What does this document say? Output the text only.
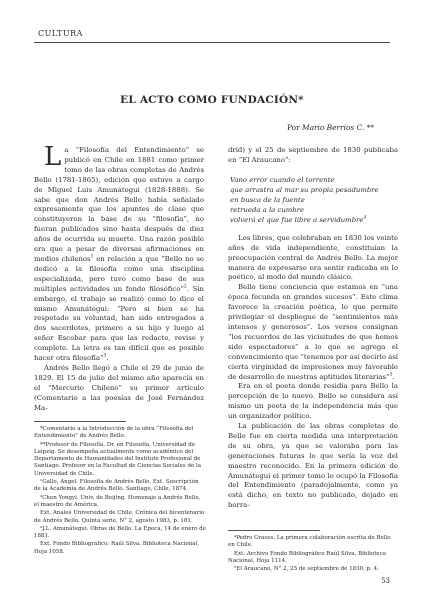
CULTURA
EL ACTO COMO FUNDACIÓN*
Por Mario Berrios C. **

La “Filosofía del Entendimiento” se publicó en Chile en 1881 como primer tomo de las obras completas de Andrés Bello (1781-1865), edición que estuvo a cargo de Miguel Luis Amunátegui (1828-1888). Se sabe que don Andrés Bello había señalado expresamente que los apuntes de clase que constituyeron la base de su “filosofía”, no fueran publicados sino hasta después de diez años de ocurrida su muerte. Una razón posible era que a pesar de diversas afirmaciones en medios chilenos$^1$ en relación a que “Bello no se dedicó a la filosofía como una disciplina especializada, pero tuvo como base de sus múltiples actividades un fondo filosófico”$^2$. Sin embargo, el trabajo se realizó como lo dice el mismo Amunátegui: “Pero si bien se ha respetado su voluntad, han sido entregados a dos sacerdotes, primero a su hijo y luego al señor Escobar para que las redacte, revise y complete. La letra es tan difícil que es posible hacer otra filosofía”$^3$.

Andrés Bello llegó a Chile el 29 de junio de 1829. El 15 de julio del mismo año aparecía en el “Mercurio Chileno” su primer artículo (Comentario a las poesías de José Fernández Ma-

drid) y el 25 de septiembre de 1830 publicaba en “El Araucano”:

Vano error cuando el torrente
que arrastra al mar su propia pesadumbre
en busca de la fuente
retrueda a la cumbre
volverá el que fue libre a servidumbre$^4$

Los libres, que celebraban en 1830 los veinte años de vida independiente, constituían la preocupación central de Andrés Bello. La mejor manera de expresarse era sentir radicaba en lo poético, al modo del mundo clásico.

Bello tiene conciencia que estamos en “una época fecunda en grandes sucesos”. Este clima favorece la creación poética, lo que permite privilegiar el despliegue de “sentimientos más intensos y generosos”. Los versos consignan “los recuerdos de las vicisitudes de que hemos sido espectadores” a lo que se agrega el convencimiento que “tenemos por así decirlo así cierta virginidad de impresiones muy favorable de desarrollo de nuestras aptitudes literarias”$^5$.

Era en el poeta donde residía para Bello la percepción de lo nuevo. Bello se considera así mismo un poeta de la independencia más que un organizador político.

La publicación de las obras completas de Bello fue en cierta medida una interpretación de su obra, ya que se valoraba para las generaciones futuras lo que sería la voz del maestro reconocido. En la primera edición de Amunátegui el primer tomo lo ocupó la Filosofía del Entendimiento (paradojalmente, como ya está dicho, en texto no publicado, dejado en borra-

*Comentario a la Introducción de la obra “Filosofía del Entendimiento” de Andrés Bello.
**Profesor de Filosofía. Dr. en Filosofía, Universidad de Leipzig. Se desempeña actualmente como académico del Departamento de Humanidades del Instituto Profesional de Santiago. Profesor en la Facultad de Ciencias Sociales de la Universidad de Chile.
¹Gallo, Ángel. Filosofía de Andrés Bello. Ext. Suscripción de la Academia de Andrés Bello. Santiago, Chile, 1874.
²Chen Yongyi. Univ. de Beijing. Homenaje a Andrés Bello, el maestro de América.
Ext. Anales Universidad de Chile. Crónica del bicentenario de Andrés Bello. Quinta serie, N° 2, agosto 1983, p. 181.
³J.L. Amunátegui. Obras de Bello. La Época, 14 de enero de 1881.
Ext. Fondo Bibliográfico: Raúl Silva. Biblioteca Nacional, Hoja 1058.
⁴Pedro Grases. La primera colaboración escrita de Bello en Chile.
Ext. Archivo Fondo Bibliográfico Raúl Silva. Biblioteca Nacional, Hoja 1114.
⁵El Araucano, N° 2, 25 de septiembre de 1830, p. 4.
53
